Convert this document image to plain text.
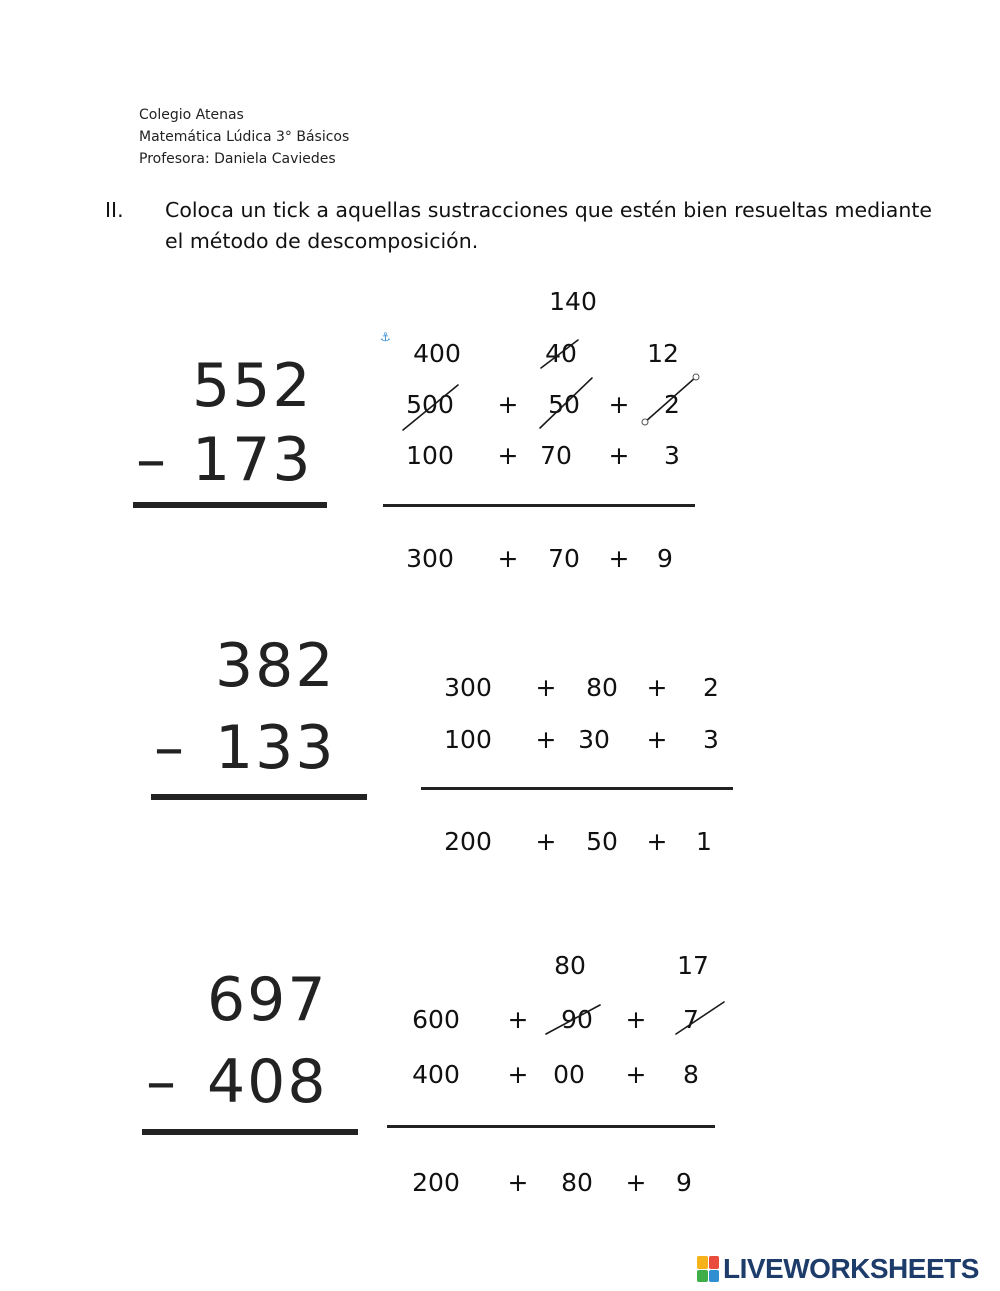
Colegio Atenas
Matemática Lúdica 3° Básicos
Profesora: Daniela Caviedes
II. Coloca un tick a aquellas sustracciones que estén bien resueltas mediante
el método de descomposición.
552
– 173
⚓
140
400	40	12
500 + 50 + 2
100 + 70 + 3
300 + 70 + 9
382
– 133
300 + 80 + 2
100 + 30 + 3
200 + 50 + 1
697
– 408
80	17
600 + 90 + 7
400 + 00 + 8
200 + 80 + 9
LIVEWORKSHEETS
